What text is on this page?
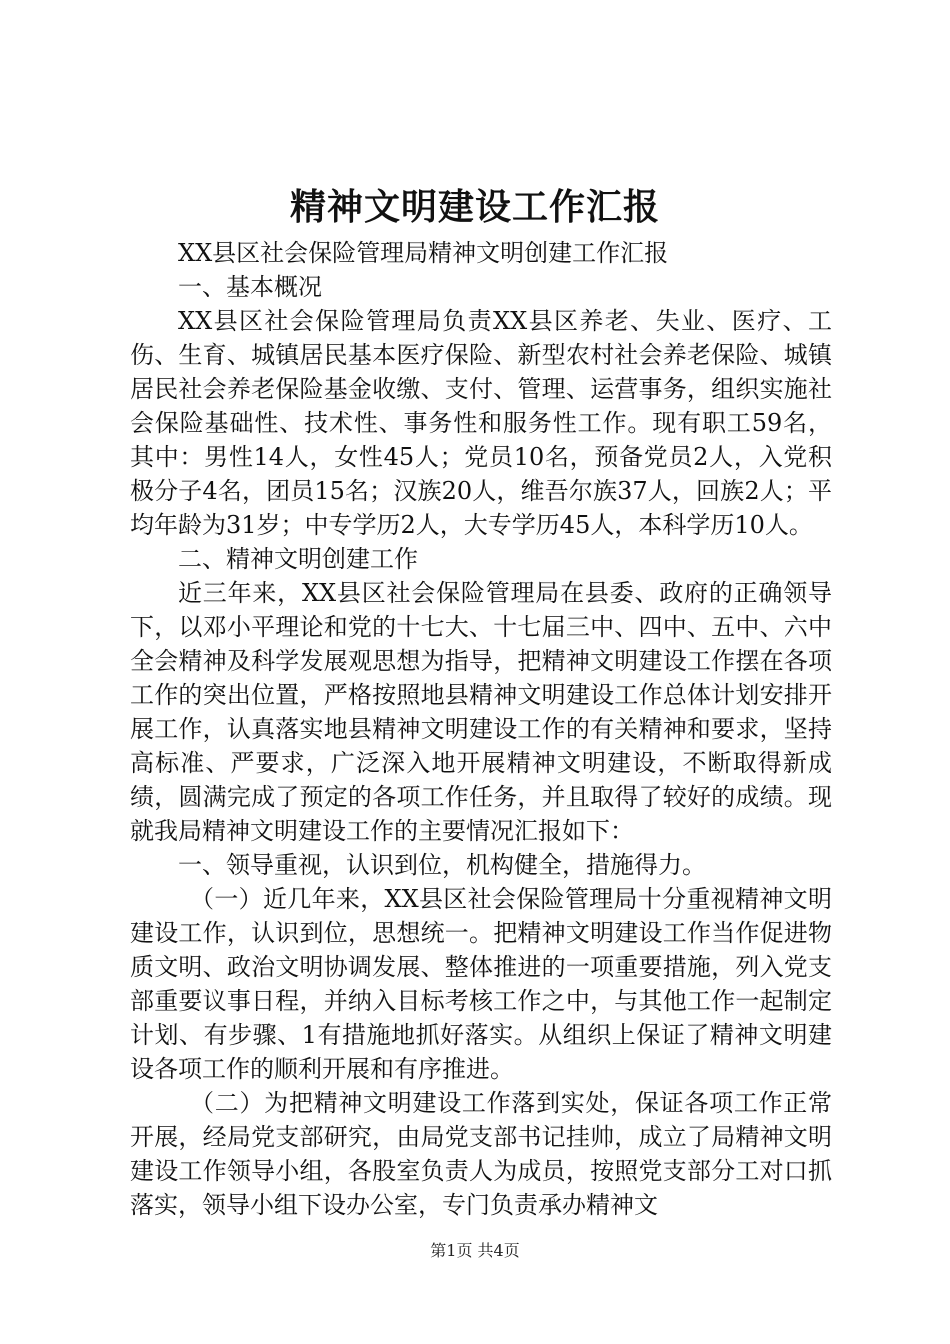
精神文明建设工作汇报

XX县区社会保险管理局精神文明创建工作汇报

一、基本概况

XX县区社会保险管理局负责XX县区养老、失业、医疗、工伤、生育、城镇居民基本医疗保险、新型农村社会养老保险、城镇居民社会养老保险基金收缴、支付、管理、运营事务，组织实施社会保险基础性、技术性、事务性和服务性工作。现有职工59名，其中：男性14人，女性45人；党员10名，预备党员2人，入党积极分子4名，团员15名；汉族20人，维吾尔族37人，回族2人；平均年龄为31岁；中专学历2人，大专学历45人，本科学历10人。

二、精神文明创建工作

近三年来，XX县区社会保险管理局在县委、政府的正确领导下，以邓小平理论和党的十七大、十七届三中、四中、五中、六中全会精神及科学发展观思想为指导，把精神文明建设工作摆在各项工作的突出位置，严格按照地县精神文明建设工作总体计划安排开展工作，认真落实地县精神文明建设工作的有关精神和要求，坚持高标准、严要求，广泛深入地开展精神文明建设，不断取得新成绩，圆满完成了预定的各项工作任务，并且取得了较好的成绩。现就我局精神文明建设工作的主要情况汇报如下：

一、领导重视，认识到位，机构健全，措施得力。

（一）近几年来，XX县区社会保险管理局十分重视精神文明建设工作，认识到位，思想统一。把精神文明建设工作当作促进物质文明、政治文明协调发展、整体推进的一项重要措施，列入党支部重要议事日程，并纳入目标考核工作之中，与其他工作一起制定计划、有步骤、1有措施地抓好落实。从组织上保证了精神文明建设各项工作的顺利开展和有序推进。

（二）为把精神文明建设工作落到实处，保证各项工作正常开展，经局党支部研究，由局党支部书记挂帅，成立了局精神文明建设工作领导小组，各股室负责人为成员，按照党支部分工对口抓落实，领导小组下设办公室，专门负责承办精神文

第1页 共4页
